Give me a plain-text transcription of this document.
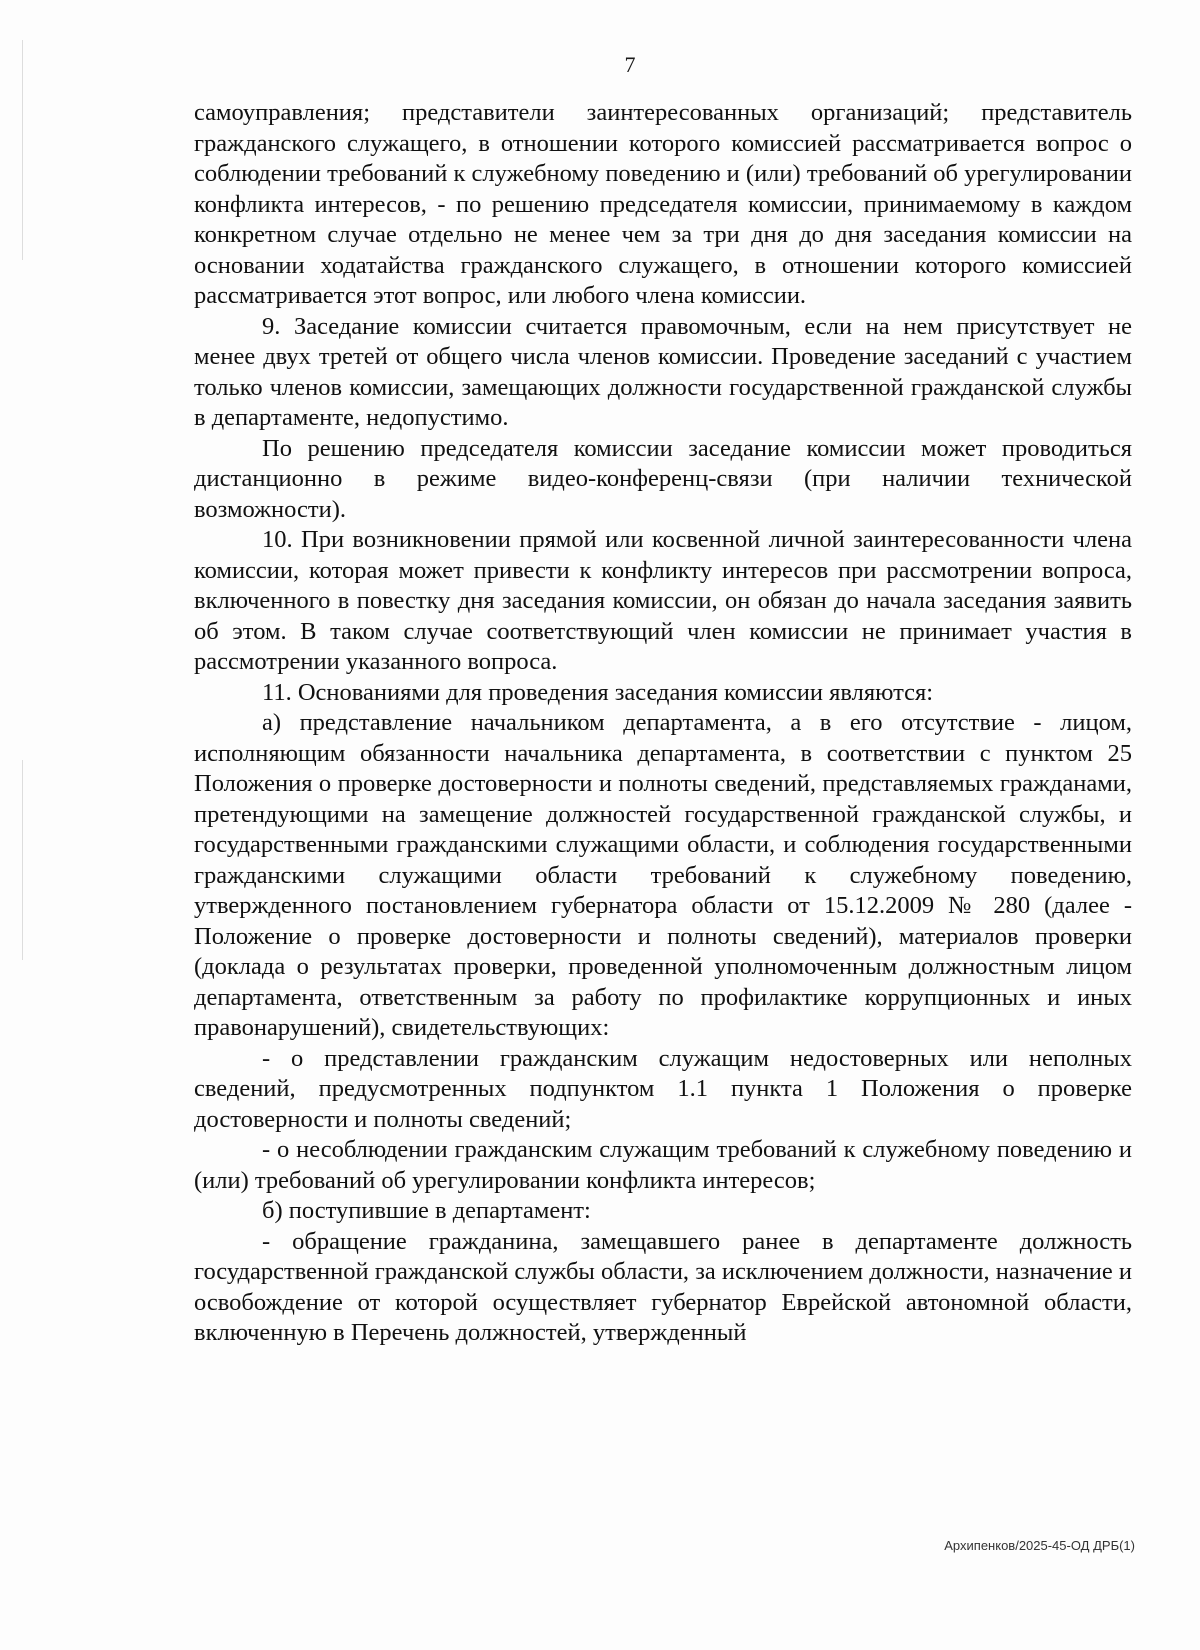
7

самоуправления; представители заинтересованных организаций; представитель гражданского служащего, в отношении которого комиссией рассматривается вопрос о соблюдении требований к служебному поведению и (или) требований об урегулировании конфликта интересов, - по решению председателя комиссии, принимаемому в каждом конкретном случае отдельно не менее чем за три дня до дня заседания комиссии на основании ходатайства гражданского служащего, в отношении которого комиссией рассматривается этот вопрос, или любого члена комиссии.

9. Заседание комиссии считается правомочным, если на нем присутствует не менее двух третей от общего числа членов комиссии. Проведение заседаний с участием только членов комиссии, замещающих должности государственной гражданской службы в департаменте, недопустимо.

По решению председателя комиссии заседание комиссии может проводиться дистанционно в режиме видео-конференц-связи (при наличии технической возможности).

10. При возникновении прямой или косвенной личной заинтересованности члена комиссии, которая может привести к конфликту интересов при рассмотрении вопроса, включенного в повестку дня заседания комиссии, он обязан до начала заседания заявить об этом. В таком случае соответствующий член комиссии не принимает участия в рассмотрении указанного вопроса.

11. Основаниями для проведения заседания комиссии являются:

а) представление начальником департамента, а в его отсутствие - лицом, исполняющим обязанности начальника департамента, в соответствии с пунктом 25 Положения о проверке достоверности и полноты сведений, представляемых гражданами, претендующими на замещение должностей государственной гражданской службы, и государственными гражданскими служащими области, и соблюдения государственными гражданскими служащими области требований к служебному поведению, утвержденного постановлением губернатора области от 15.12.2009 № 280 (далее - Положение о проверке достоверности и полноты сведений), материалов проверки (доклада о результатах проверки, проведенной уполномоченным должностным лицом департамента, ответственным за работу по профилактике коррупционных и иных правонарушений), свидетельствующих:

- о представлении гражданским служащим недостоверных или неполных сведений, предусмотренных подпунктом 1.1 пункта 1 Положения о проверке достоверности и полноты сведений;

- о несоблюдении гражданским служащим требований к служебному поведению и (или) требований об урегулировании конфликта интересов;

б) поступившие в департамент:

- обращение гражданина, замещавшего ранее в департаменте должность государственной гражданской службы области, за исключением должности, назначение и освобождение от которой осуществляет губернатор Еврейской автономной области, включенную в Перечень должностей, утвержденный

Архипенков/2025-45-ОД ДРБ(1)
